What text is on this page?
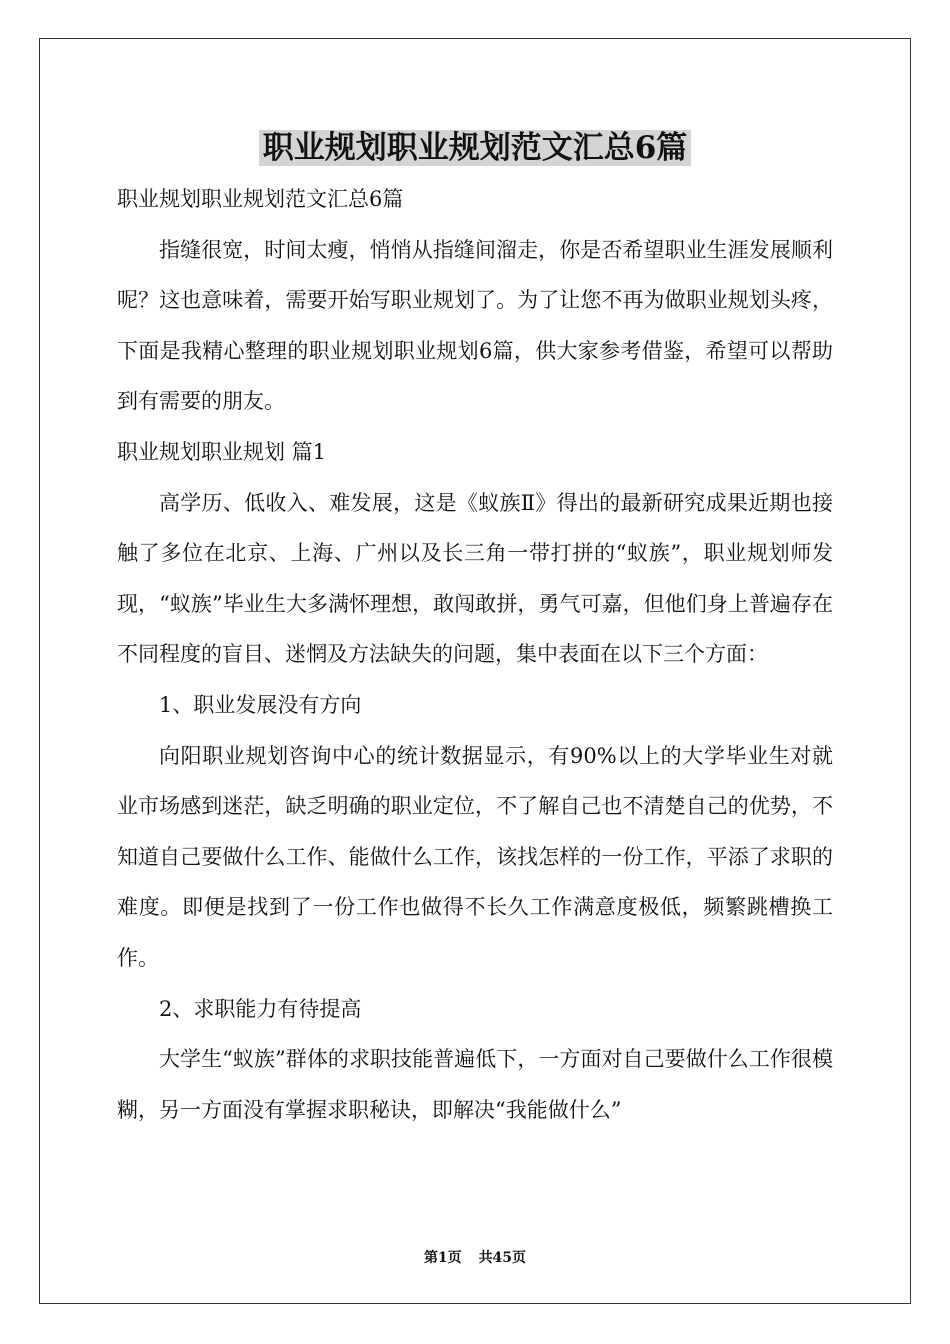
职业规划职业规划范文汇总6篇

职业规划职业规划范文汇总6篇

指缝很宽，时间太瘦，悄悄从指缝间溜走，你是否希望职业生涯发展顺利呢？这也意味着，需要开始写职业规划了。为了让您不再为做职业规划头疼，下面是我精心整理的职业规划职业规划6篇，供大家参考借鉴，希望可以帮助到有需要的朋友。

职业规划职业规划 篇1

高学历、低收入、难发展，这是《蚁族Ⅱ》得出的最新研究成果近期也接触了多位在北京、上海、广州以及长三角一带打拼的“蚁族”，职业规划师发现，“蚁族”毕业生大多满怀理想，敢闯敢拼，勇气可嘉，但他们身上普遍存在不同程度的盲目、迷惘及方法缺失的问题，集中表面在以下三个方面：

1、职业发展没有方向

向阳职业规划咨询中心的统计数据显示，有90%以上的大学毕业生对就业市场感到迷茫，缺乏明确的职业定位，不了解自己也不清楚自己的优势，不知道自己要做什么工作、能做什么工作，该找怎样的一份工作，平添了求职的难度。即便是找到了一份工作也做得不长久工作满意度极低，频繁跳槽换工作。

2、求职能力有待提高

大学生“蚁族”群体的求职技能普遍低下，一方面对自己要做什么工作很模糊，另一方面没有掌握求职秘诀，即解决“我能做什么”

第1页 共45页
